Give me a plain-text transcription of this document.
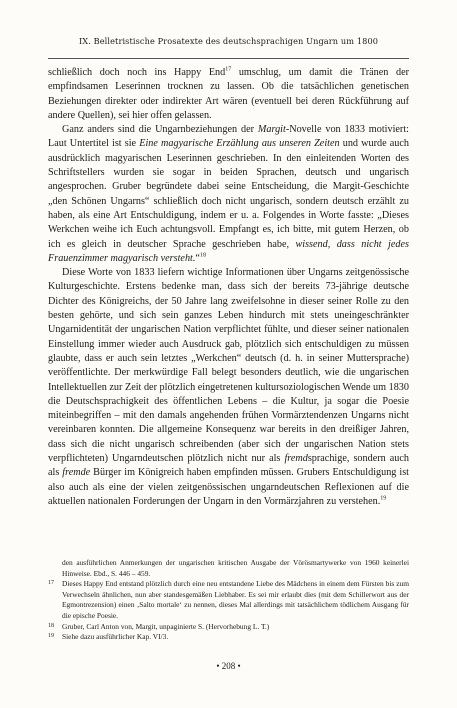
IX. Belletristische Prosatexte des deutschsprachigen Ungarn um 1800

schließlich doch noch ins Happy End$^{17}$ umschlug, um damit die Tränen der empfindsamen Leserinnen trocknen zu lassen. Ob die tatsächlichen genetischen Beziehungen direkter oder indirekter Art wären (eventuell bei deren Rückführung auf andere Quellen), sei hier offen gelassen.

Ganz anders sind die Ungarnbeziehungen der Margit-Novelle von 1833 motiviert: Laut Untertitel ist sie Eine magyarische Erzählung aus unseren Zeiten und wurde auch ausdrücklich magyarischen Leserinnen geschrieben. In den einleitenden Worten des Schriftstellers wurden sie sogar in beiden Sprachen, deutsch und ungarisch angesprochen. Gruber begründete dabei seine Entscheidung, die Margit-Geschichte „den Schönen Ungarns“ schließlich doch nicht ungarisch, sondern deutsch erzählt zu haben, als eine Art Entschuldigung, indem er u. a. Folgendes in Worte fasste: „Dieses Werkchen weihe ich Euch achtungsvoll. Empfangt es, ich bitte, mit gutem Herzen, ob ich es gleich in deutscher Sprache geschrieben habe, wissend, dass nicht jedes Frauenzimmer magyarisch versteht.“$^{18}$

Diese Worte von 1833 liefern wichtige Informationen über Ungarns zeitgenössische Kulturgeschichte. Erstens bedenke man, dass sich der bereits 73-jährige deutsche Dichter des Königreichs, der 50 Jahre lang zweifelsohne in dieser seiner Rolle zu den besten gehörte, und sich sein ganzes Leben hindurch mit stets uneingeschränkter Ungarnidentität der ungarischen Nation verpflichtet fühlte, und dieser seiner nationalen Einstellung immer wieder auch Ausdruck gab, plötzlich sich entschuldigen zu müssen glaubte, dass er auch sein letztes „Werkchen“ deutsch (d. h. in seiner Muttersprache) veröffentlichte. Der merkwürdige Fall belegt besonders deutlich, wie die ungarischen Intellektuellen zur Zeit der plötzlich eingetretenen kultursoziologischen Wende um 1830 die Deutschsprachigkeit des öffentlichen Lebens – die Kultur, ja sogar die Poesie miteinbegriffen – mit den damals angehenden frühen Vormärztendenzen Ungarns nicht vereinbaren konnten. Die allgemeine Konsequenz war bereits in den dreißiger Jahren, dass sich die nicht ungarisch schreibenden (aber sich der ungarischen Nation stets verpflichteten) Ungarndeutschen plötzlich nicht nur als fremdsprachige, sondern auch als fremde Bürger im Königreich haben empfinden müssen. Grubers Entschuldigung ist also auch als eine der vielen zeitgenössischen ungarndeutschen Reflexionen auf die aktuellen nationalen Forderungen der Ungarn in den Vormärzjahren zu verstehen.$^{19}$

den ausführlichen Anmerkungen der ungarischen kritischen Ausgabe der Vörösmartywerke von 1960 keinerlei Hinweise. Ebd., S. 446 – 459.
17	Dieses Happy End entstand plötzlich durch eine neu entstandene Liebe des Mädchens in einem dem Fürsten bis zum Verwechseln ähnlichen, nun aber standesgemäßen Liebhaber. Es sei mir erlaubt dies (mit dem Schillerwort aus der Egmontrezension) einen ‚Salto mortale‘ zu nennen, dieses Mal allerdings mit tatsächlichem tödlichem Ausgang für die epische Poesie.
18	Gruber, Carl Anton von, Margit, unpaginierte S. (Hervorhebung L. T.)
19	Siehe dazu ausführlicher Kap. VI/3.
• 208 •
